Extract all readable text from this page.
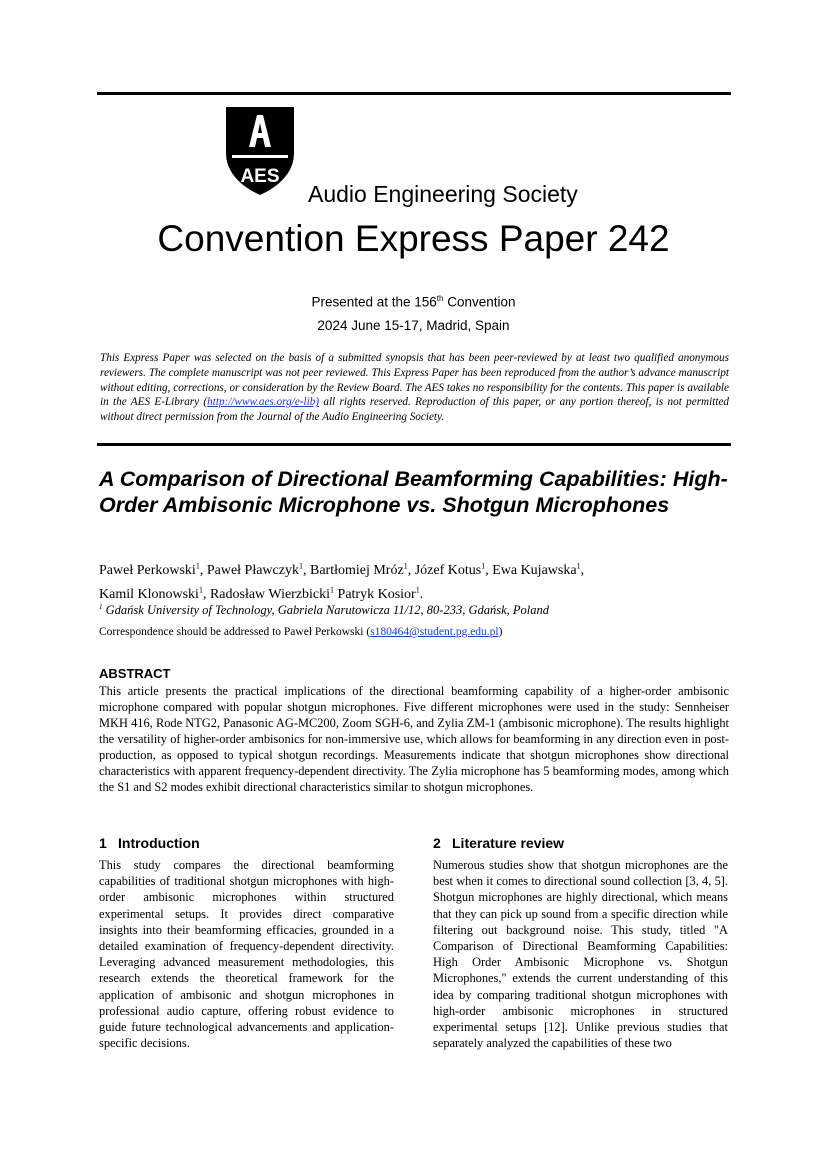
AES
Audio Engineering Society
Convention Express Paper 242
Presented at the 156th Convention
2024 June 15-17, Madrid, Spain
This Express Paper was selected on the basis of a submitted synopsis that has been peer-reviewed by at least two qualified anonymous reviewers. The complete manuscript was not peer reviewed. This Express Paper has been reproduced from the author’s advance manuscript without editing, corrections, or consideration by the Review Board. The AES takes no responsibility for the contents. This paper is available in the AES E-Library (http://www.aes.org/e-lib) all rights reserved. Reproduction of this paper, or any portion thereof, is not permitted without direct permission from the Journal of the Audio Engineering Society.
A Comparison of Directional Beamforming Capabilities: High-Order Ambisonic Microphone vs. Shotgun Microphones
Paweł Perkowski$^1$, Paweł Pławczyk$^1$, Bartłomiej Mróz$^1$, Józef Kotus$^1$, Ewa Kujawska$^1$,
Kamil Klonowski$^1$, Radosław Wierzbicki$^1$ Patryk Kosior$^1$.
$^1$ Gdańsk University of Technology, Gabriela Narutowicza 11/12, 80-233, Gdańsk, Poland
Correspondence should be addressed to Paweł Perkowski (s180464@student.pg.edu.pl)
ABSTRACT
This article presents the practical implications of the directional beamforming capability of a higher-order ambisonic microphone compared with popular shotgun microphones. Five different microphones were used in the study: Sennheiser MKH 416, Rode NTG2, Panasonic AG-MC200, Zoom SGH-6, and Zylia ZM-1 (ambisonic microphone). The results highlight the versatility of higher-order ambisonics for non-immersive use, which allows for beamforming in any direction even in post-production, as opposed to typical shotgun recordings. Measurements indicate that shotgun microphones show directional characteristics with apparent frequency-dependent directivity. The Zylia microphone has 5 beamforming modes, among which the S1 and S2 modes exhibit directional characteristics similar to shotgun microphones.
1 Introduction
This study compares the directional beamforming capabilities of traditional shotgun microphones with high-order ambisonic microphones within structured experimental setups. It provides direct comparative insights into their beamforming efficacies, grounded in a detailed examination of frequency-dependent directivity. Leveraging advanced measurement methodologies, this research extends the theoretical framework for the application of ambisonic and shotgun microphones in professional audio capture, offering robust evidence to guide future technological advancements and application-specific decisions.
2 Literature review
Numerous studies show that shotgun microphones are the best when it comes to directional sound collection [3, 4, 5]. Shotgun microphones are highly directional, which means that they can pick up sound from a specific direction while filtering out background noise. This study, titled "A Comparison of Directional Beamforming Capabilities: High Order Ambisonic Microphone vs. Shotgun Microphones," extends the current understanding of this idea by comparing traditional shotgun microphones with high-order ambisonic microphones in structured experimental setups [12]. Unlike previous studies that separately analyzed the capabilities of these two
